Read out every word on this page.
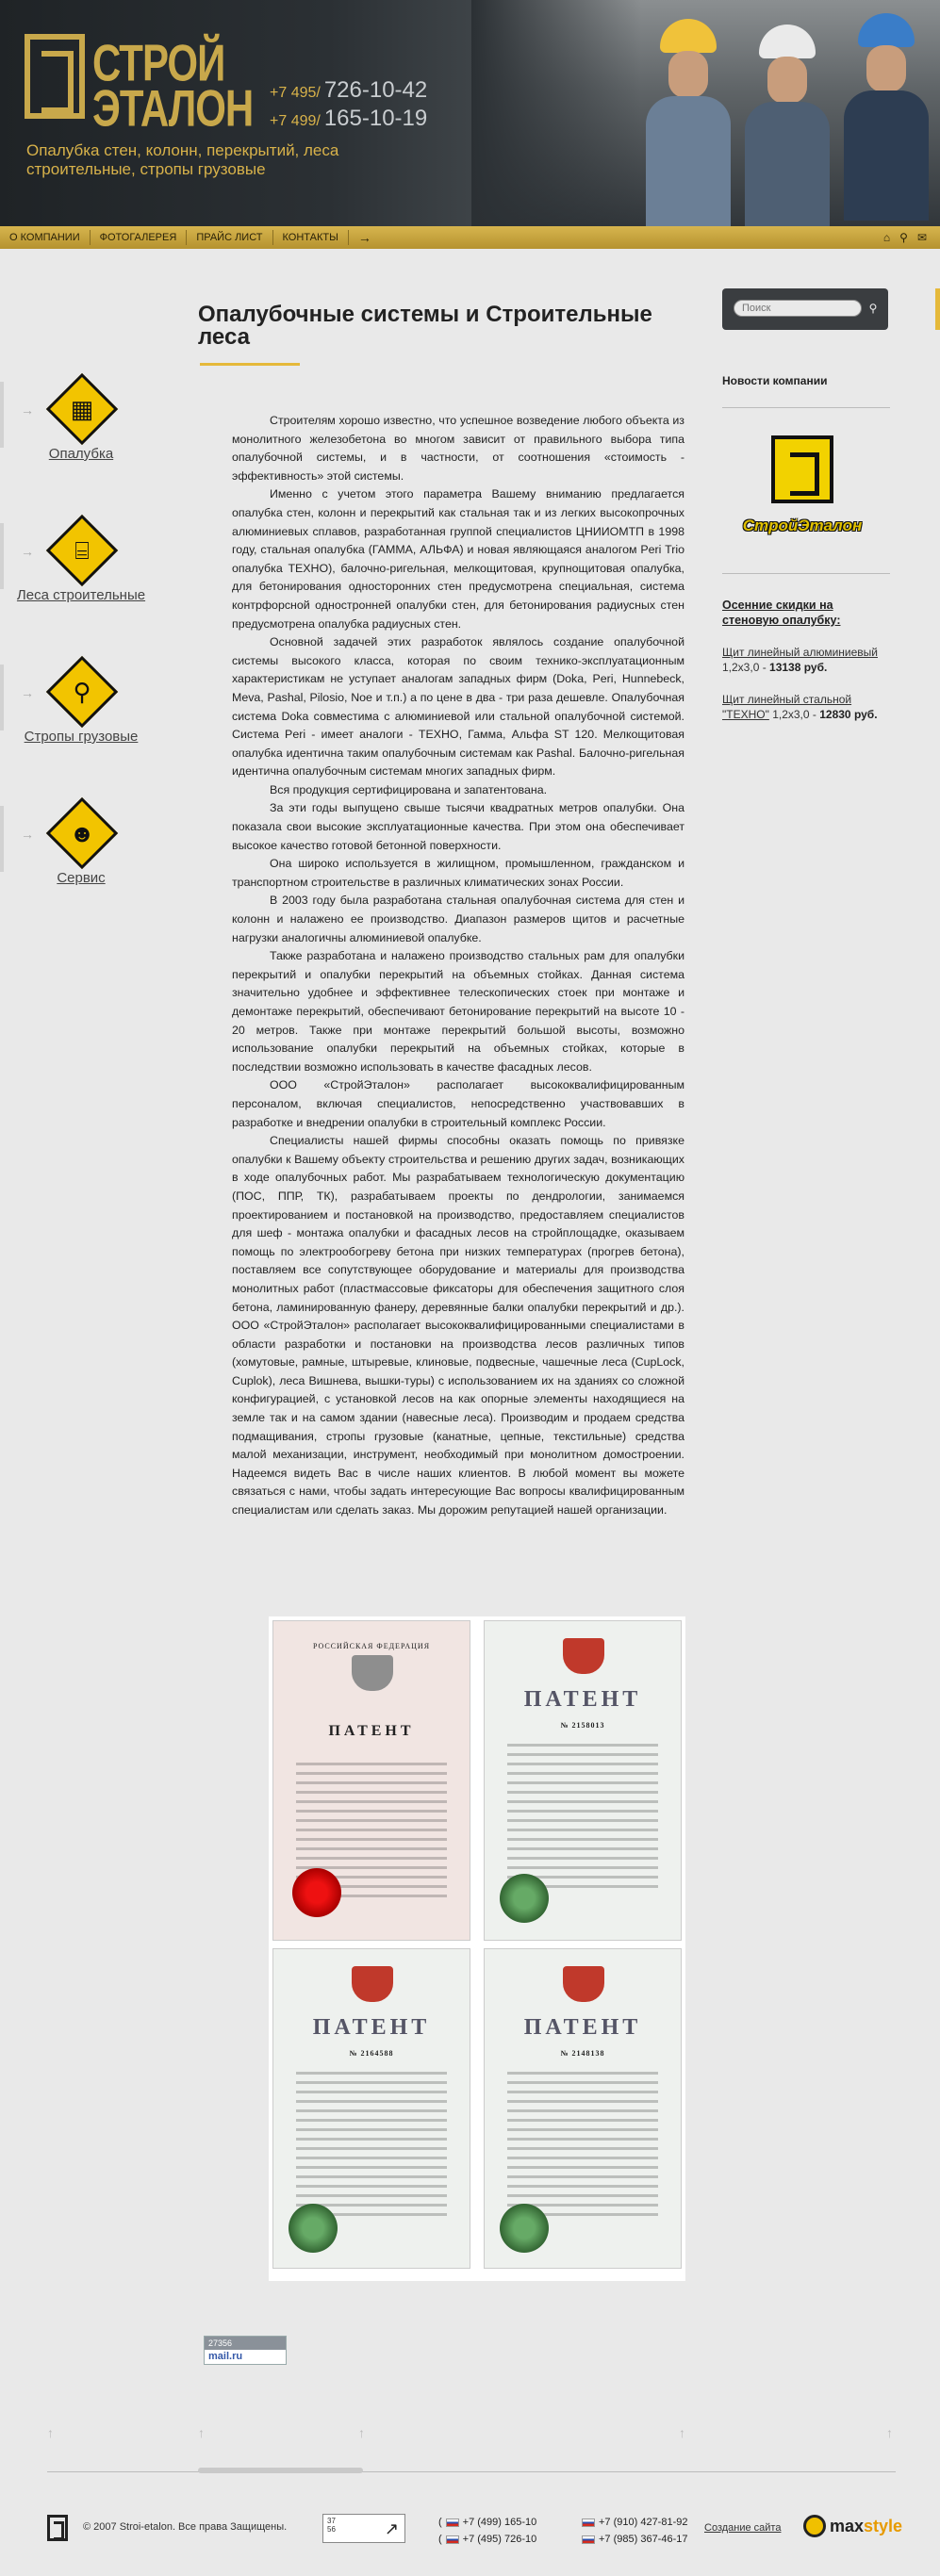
СТРОЙ
ЭТАЛОН +7 495/ 726-10-42
+7 499/ 165-10-19
Опалубка стен, колонн, перекрытий, леса строительные, стропы грузовые
О КОМПАНИИ	ФОТОГАЛЕРЕЯ	ПРАЙС ЛИСТ	КОНТАКТЫ	→	⌂ ⚲ ✉
→	▦
Опалубка
→	⌸
Леса строительные
→	⚲
Стропы грузовые
→	☻
Сервис
Опалубочные системы и Строительные леса

Строителям хорошо известно, что успешное возведение любого объекта из монолитного железобетона во многом зависит от правильного выбора типа опалубочной системы, и в частности, от соотношения «стоимость - эффективность» этой системы.

Именно с учетом этого параметра Вашему вниманию предлагается опалубка стен, колонн и перекрытий как стальная так и из легких высокопрочных алюминиевых сплавов, разработанная группой специалистов ЦНИИОМТП в 1998 году, стальная опалубка (ГАММА, АЛЬФА) и новая являющаяся аналогом Peri Trio опалубка ТЕХНО), балочно-ригельная, мелкощитовая, крупнощитовая опалубка, для бетонирования односторонних стен предусмотрена специальная, система контрфорсной одностронней опалубки стен, для бетонирования радиусных стен предусмотрена опалубка радиусных стен.

Основной задачей этих разработок являлось создание опалубочной системы высокого класса, которая по своим технико-эксплуатационным характеристикам не уступает аналогам западных фирм (Doka, Peri, Hunnebeck, Meva, Pashal, Pilosio, Noe и т.п.) а по цене в два - три раза дешевле. Опалубочная система Doka совместима с алюминиевой или стальной опалубочной системой. Система Peri - имеет аналоги - ТЕХНО, Гамма, Альфа ST 120. Мелкощитовая опалубка идентична таким опалубочным системам как Pashal. Балочно-ригельная идентична опалубочным системам многих западных фирм.

Вся продукция сертифицирована и запатентована.

За эти годы выпущено свыше тысячи квадратных метров опалубки. Она показала свои высокие эксплуатационные качества. При этом она обеспечивает высокое качество готовой бетонной поверхности.

Она широко используется в жилищном, промышленном, гражданском и транспортном строительстве в различных климатических зонах России.

В 2003 году была разработана стальная опалубочная система для стен и колонн и налажено ее производство. Диапазон размеров щитов и расчетные нагрузки аналогичны алюминиевой опалубке.

Также разработана и налажено производство стальных рам для опалубки перекрытий и опалубки перекрытий на объемных стойках. Данная система значительно удобнее и эффективнее телескопических стоек при монтаже и демонтаже перекрытий, обеспечивают бетонирование перекрытий на высоте 10 - 20 метров. Также при монтаже перекрытий большой высоты, возможно использование опалубки перекрытий на объемных стойках, которые в последствии возможно использовать в качестве фасадных лесов.

ООО «СтройЭталон» располагает высококвалифицированным персоналом, включая специалистов, непосредственно участвовавших в разработке и внедрении опалубки в строительный комплекс России.

Специалисты нашей фирмы способны оказать помощь по привязке опалубки к Вашему объекту строительства и решению других задач, возникающих в ходе опалубочных работ. Мы разрабатываем технологическую документацию (ПОС, ППР, ТК), разрабатываем проекты по дендрологии, занимаемся проектированием и постановкой на производство, предоставляем специалистов для шеф - монтажа опалубки и фасадных лесов на стройплощадке, оказываем помощь по электрообогреву бетона при низких температурах (прогрев бетона), поставляем все сопутствующее оборудование и материалы для производства монолитных работ (пластмассовые фиксаторы для обеспечения защитного слоя бетона, ламинированную фанеру, деревянные балки опалубки перекрытий и др.). ООО «СтройЭталон» располагает высококвалифицированными специалистами в области разработки и постановки на производства лесов различных типов (хомутовые, рамные, штыревые, клиновые, подвесные, чашечные леса (CupLock, Cuplok), леса Вишнева, вышки-туры) с использованием их на зданиях со сложной конфигурацией, с установкой лесов на как опорные элементы находящиеся на земле так и на самом здании (навесные леса). Производим и продаем средства подмащивания, стропы грузовые (канатные, цепные, текстильные) средства малой механизации, инструмент, необходимый при монолитном домостроении. Надеемся видеть Вас в числе наших клиентов. В любой момент вы можете связаться с нами, чтобы задать интересующие Вас вопросы квалифицированным специалистам или сделать заказ. Мы дорожим репутацией нашей организации.

РОССИЙСКАЯ ФЕДЕРАЦИЯ
ПАТЕНТ
ПАТЕНТ
№ 2158013
ПАТЕНТ
№ 2164588
ПАТЕНТ
№ 2148138
27356
mail.ru
Поиск
⚲
Новости компании
СтройЭталон
Осенние скидки на стеновую опалубку:
Щит линейный алюминиевый
1,2х3,0 - 13138 руб.
Щит линейный стальной "ТЕХНО" 1,2х3,0 - 12830 руб.
↑	↑	↑	↑	↑
© 2007 Stroi-etalon. Все права Защищены.
37
56	↗	( +7 (499) 165-10	+7 (910) 427-81-92
( +7 (495) 726-10	+7 (985) 367-46-17
Создание сайта	maxstyle
